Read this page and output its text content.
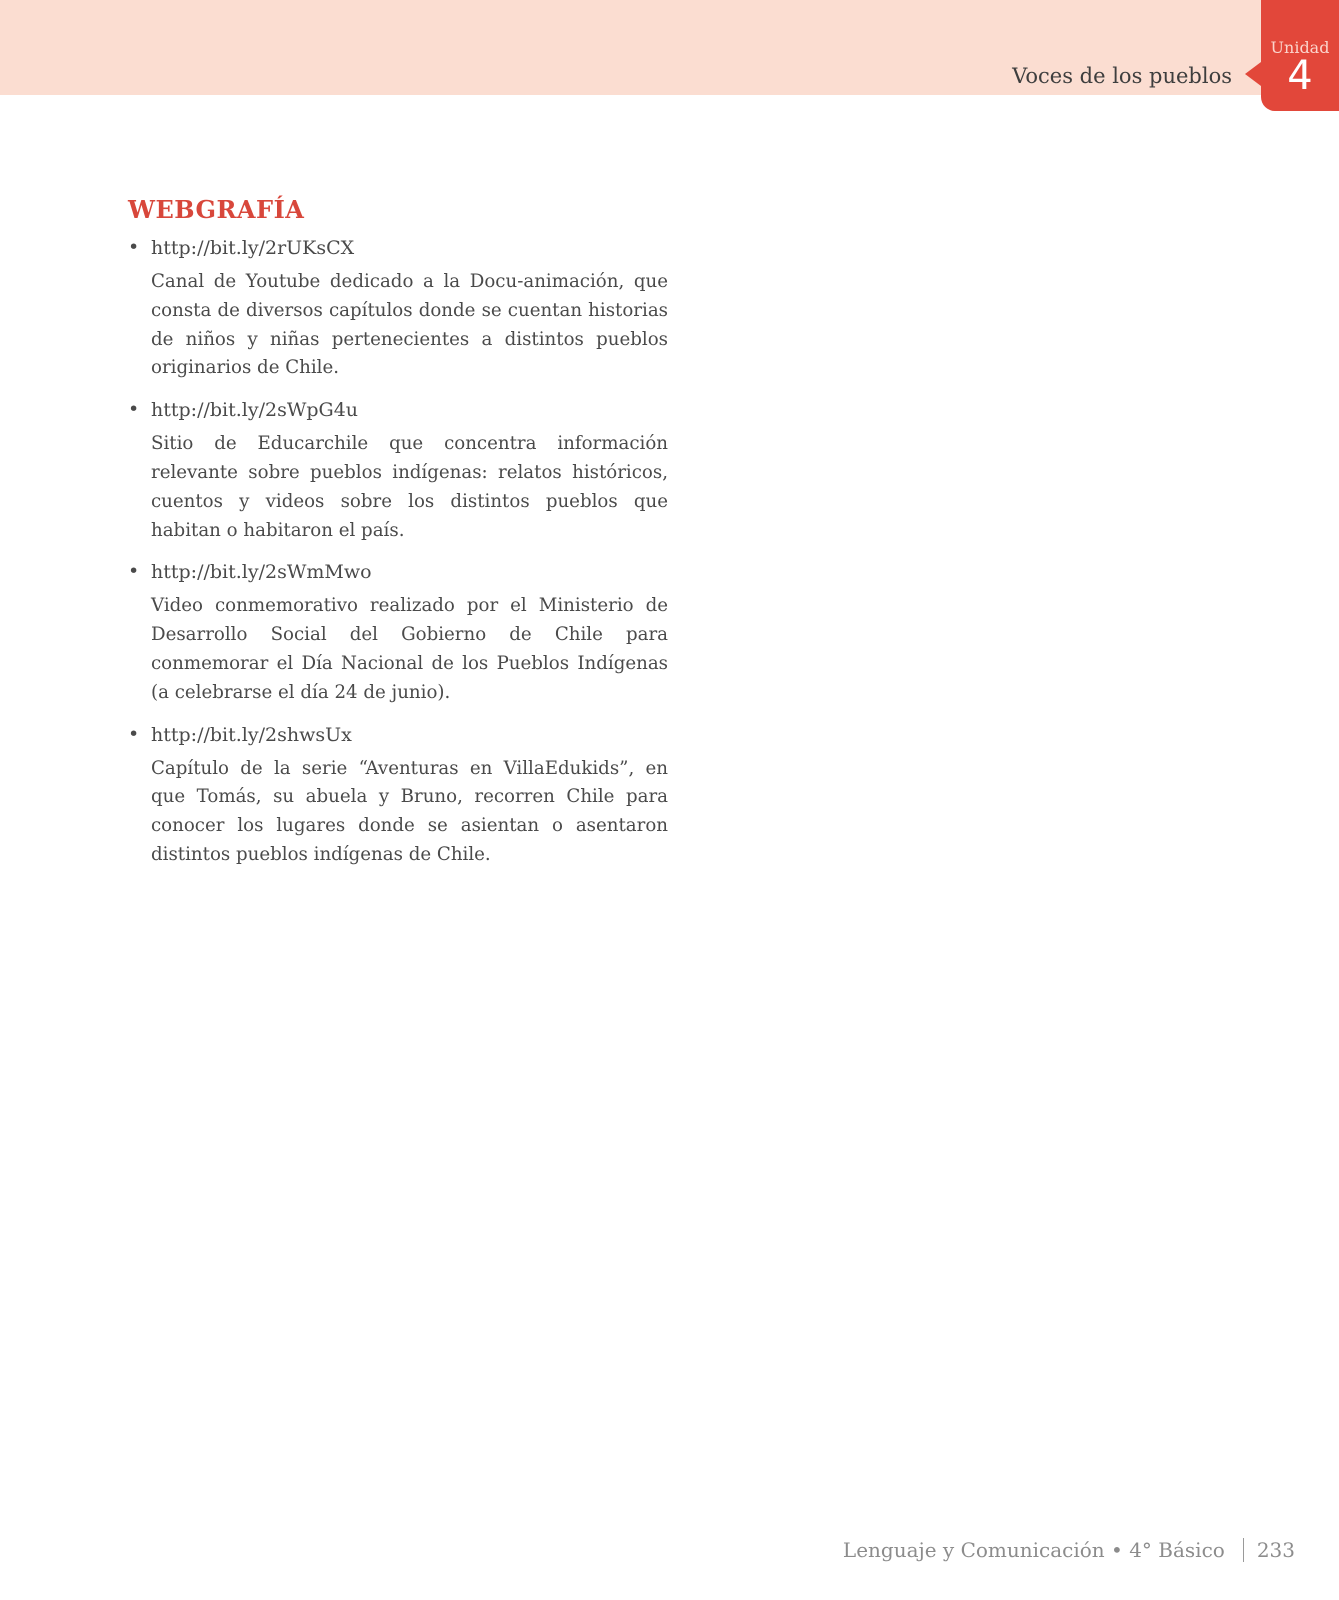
Voces de los pueblos
Unidad
4
WEBGRAFÍA
• http://bit.ly/2rUKsCX

Canal de Youtube dedicado a la Docu-animación, que consta de diversos capítulos donde se cuentan historias de niños y niñas pertenecientes a distintos pueblos originarios de Chile.

• http://bit.ly/2sWpG4u

Sitio de Educarchile que concentra información relevante sobre pueblos indígenas: relatos históricos, cuentos y videos sobre los distintos pueblos que habitan o habitaron el país.

• http://bit.ly/2sWmMwo

Video conmemorativo realizado por el Ministerio de Desarrollo Social del Gobierno de Chile para conmemorar el Día Nacional de los Pueblos Indígenas (a celebrarse el día 24 de junio).

• http://bit.ly/2shwsUx

Capítulo de la serie “Aventuras en VillaEdukids”, en que Tomás, su abuela y Bruno, recorren Chile para conocer los lugares donde se asientan o asentaron distintos pueblos indígenas de Chile.

Lenguaje y Comunicación • 4° Básico 233
